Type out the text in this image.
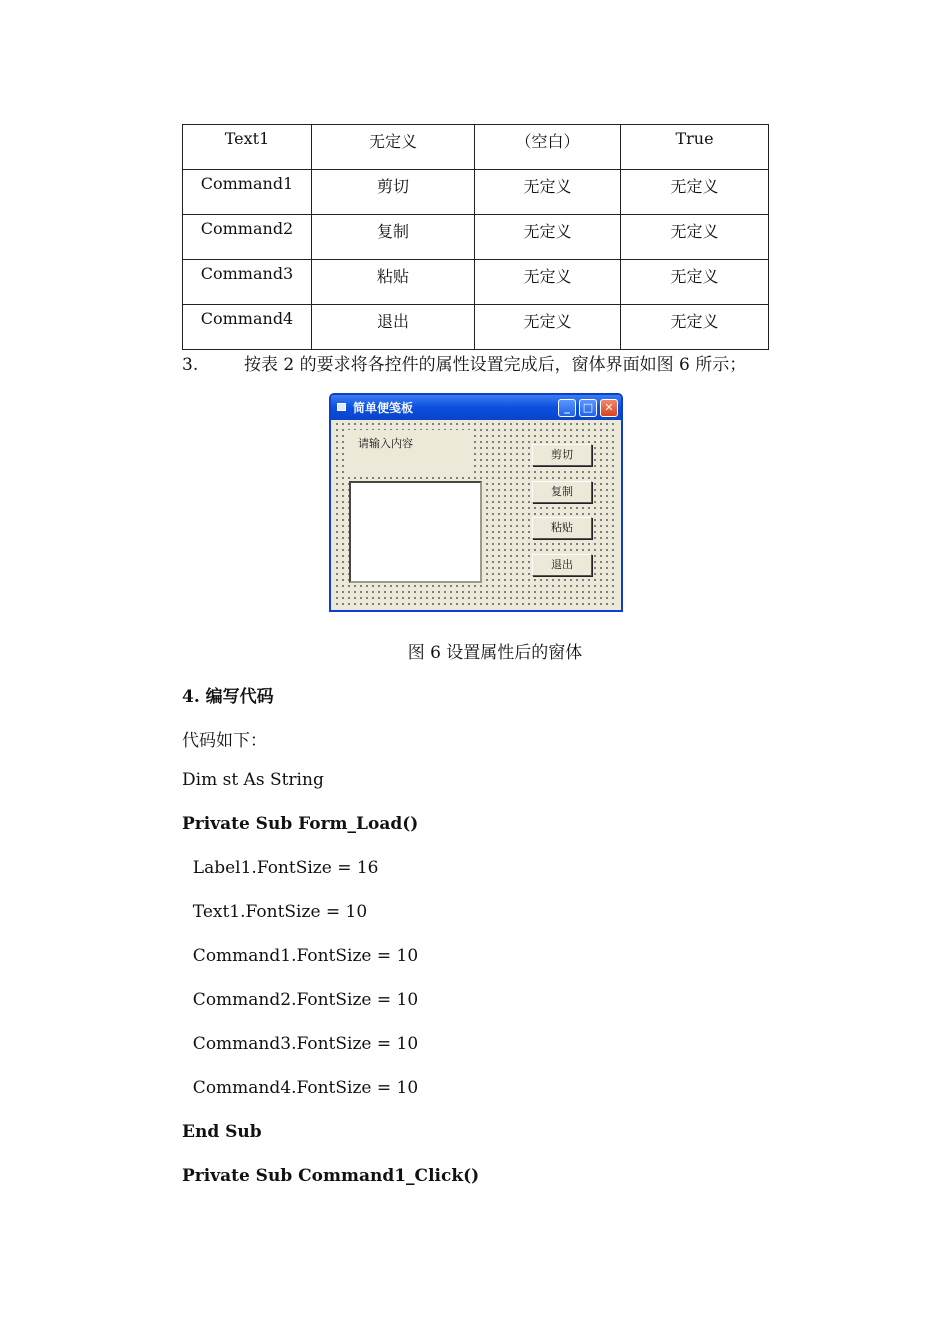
Text1	无定义	（空白）	True
Command1	剪切	无定义	无定义
Command2	复制	无定义	无定义
Command3	粘贴	无定义	无定义
Command4	退出	无定义	无定义
3.	按表 2 的要求将各控件的属性设置完成后，窗体界面如图 6 所示；
简单便笺板	_	□	✕
请输入内容
剪切
复制
粘贴
退出
图 6 设置属性后的窗体
4. 编写代码
代码如下：
Dim st As String
Private Sub Form_Load()
Label1.FontSize = 16
Text1.FontSize = 10
Command1.FontSize = 10
Command2.FontSize = 10
Command3.FontSize = 10
Command4.FontSize = 10
End Sub
Private Sub Command1_Click()
